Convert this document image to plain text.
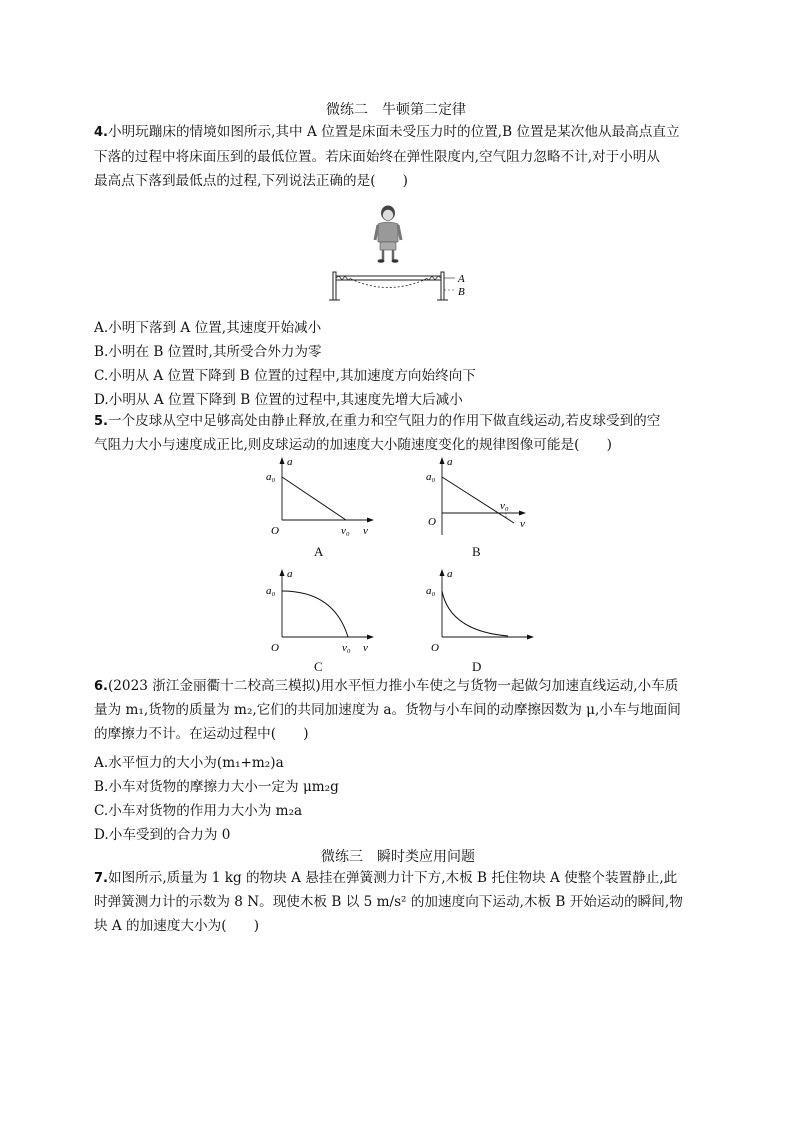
微练二　牛顿第二定律
4.小明玩蹦床的情境如图所示,其中 A 位置是床面未受压力时的位置,B 位置是某次他从最高点直立
下落的过程中将床面压到的最低位置。若床面始终在弹性限度内,空气阻力忽略不计,对于小明从
最高点下落到最低点的过程,下列说法正确的是(　　)
A
B
A.小明下落到 A 位置,其速度开始减小
B.小明在 B 位置时,其所受合外力为零
C.小明从 A 位置下降到 B 位置的过程中,其加速度方向始终向下
D.小明从 A 位置下降到 B 位置的过程中,其速度先增大后减小
5.一个皮球从空中足够高处由静止释放,在重力和空气阻力的作用下做直线运动,若皮球受到的空
气阻力大小与速度成正比,则皮球运动的加速度大小随速度变化的规律图像可能是(　　)
a
a₀
O	v₀ v
A
a
a₀
O
v₀
v
B
a
a₀
O	v₀ v
C
a
a₀
O
D
6.(2023 浙江金丽衢十二校高三模拟)用水平恒力推小车使之与货物一起做匀加速直线运动,小车质
量为 m₁,货物的质量为 m₂,它们的共同加速度为 a。货物与小车间的动摩擦因数为 μ,小车与地面间
的摩擦力不计。在运动过程中(　　)
A.水平恒力的大小为(m₁+m₂)a
B.小车对货物的摩擦力大小一定为 μm₂g
C.小车对货物的作用力大小为 m₂a
D.小车受到的合力为 0
微练三　瞬时类应用问题
7.如图所示,质量为 1 kg 的物块 A 悬挂在弹簧测力计下方,木板 B 托住物块 A 使整个装置静止,此
时弹簧测力计的示数为 8 N。现使木板 B 以 5 m/s² 的加速度向下运动,木板 B 开始运动的瞬间,物
块 A 的加速度大小为(　　)
